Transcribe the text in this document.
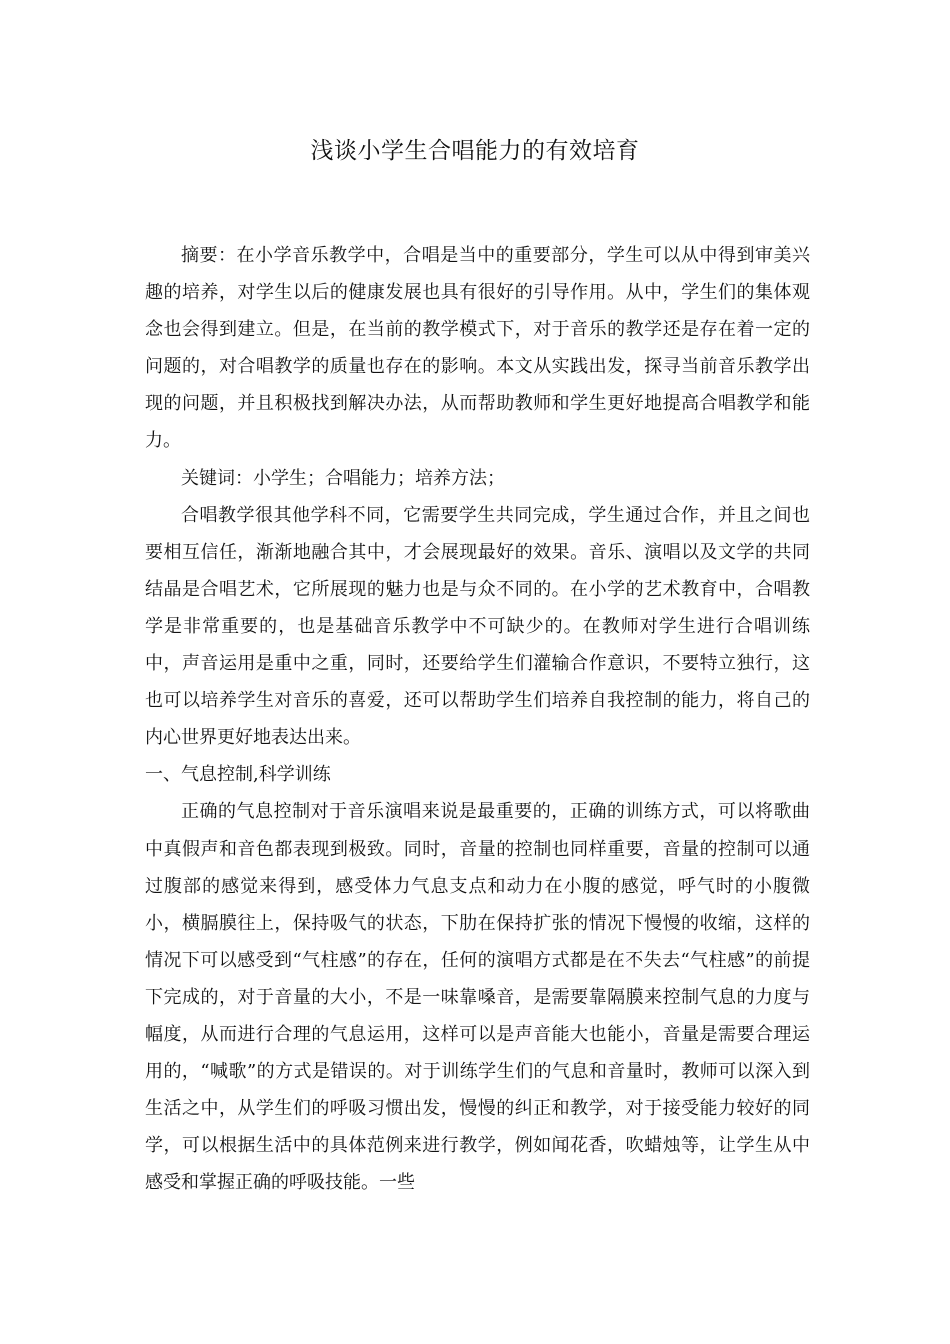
浅谈小学生合唱能力的有效培育

摘要：在小学音乐教学中，合唱是当中的重要部分，学生可以从中得到审美兴趣的培养，对学生以后的健康发展也具有很好的引导作用。从中，学生们的集体观念也会得到建立。但是，在当前的教学模式下，对于音乐的教学还是存在着一定的问题的，对合唱教学的质量也存在的影响。本文从实践出发，探寻当前音乐教学出现的问题，并且积极找到解决办法，从而帮助教师和学生更好地提高合唱教学和能力。

关键词：小学生；合唱能力；培养方法；

合唱教学很其他学科不同，它需要学生共同完成，学生通过合作，并且之间也要相互信任，渐渐地融合其中，才会展现最好的效果。音乐、演唱以及文学的共同结晶是合唱艺术，它所展现的魅力也是与众不同的。在小学的艺术教育中，合唱教学是非常重要的，也是基础音乐教学中不可缺少的。在教师对学生进行合唱训练中，声音运用是重中之重，同时，还要给学生们灌输合作意识，不要特立独行，这也可以培养学生对音乐的喜爱，还可以帮助学生们培养自我控制的能力，将自己的内心世界更好地表达出来。

一、气息控制,科学训练

正确的气息控制对于音乐演唱来说是最重要的，正确的训练方式，可以将歌曲中真假声和音色都表现到极致。同时，音量的控制也同样重要，音量的控制可以通过腹部的感觉来得到，感受体力气息支点和动力在小腹的感觉，呼气时的小腹微小，横膈膜往上，保持吸气的状态，下肋在保持扩张的情况下慢慢的收缩，这样的情况下可以感受到“气柱感”的存在，任何的演唱方式都是在不失去“气柱感”的前提下完成的，对于音量的大小，不是一味靠嗓音，是需要靠隔膜来控制气息的力度与幅度，从而进行合理的气息运用，这样可以是声音能大也能小，音量是需要合理运用的，“喊歌”的方式是错误的。对于训练学生们的气息和音量时，教师可以深入到生活之中，从学生们的呼吸习惯出发，慢慢的纠正和教学，对于接受能力较好的同学，可以根据生活中的具体范例来进行教学，例如闻花香，吹蜡烛等，让学生从中感受和掌握正确的呼吸技能。一些
